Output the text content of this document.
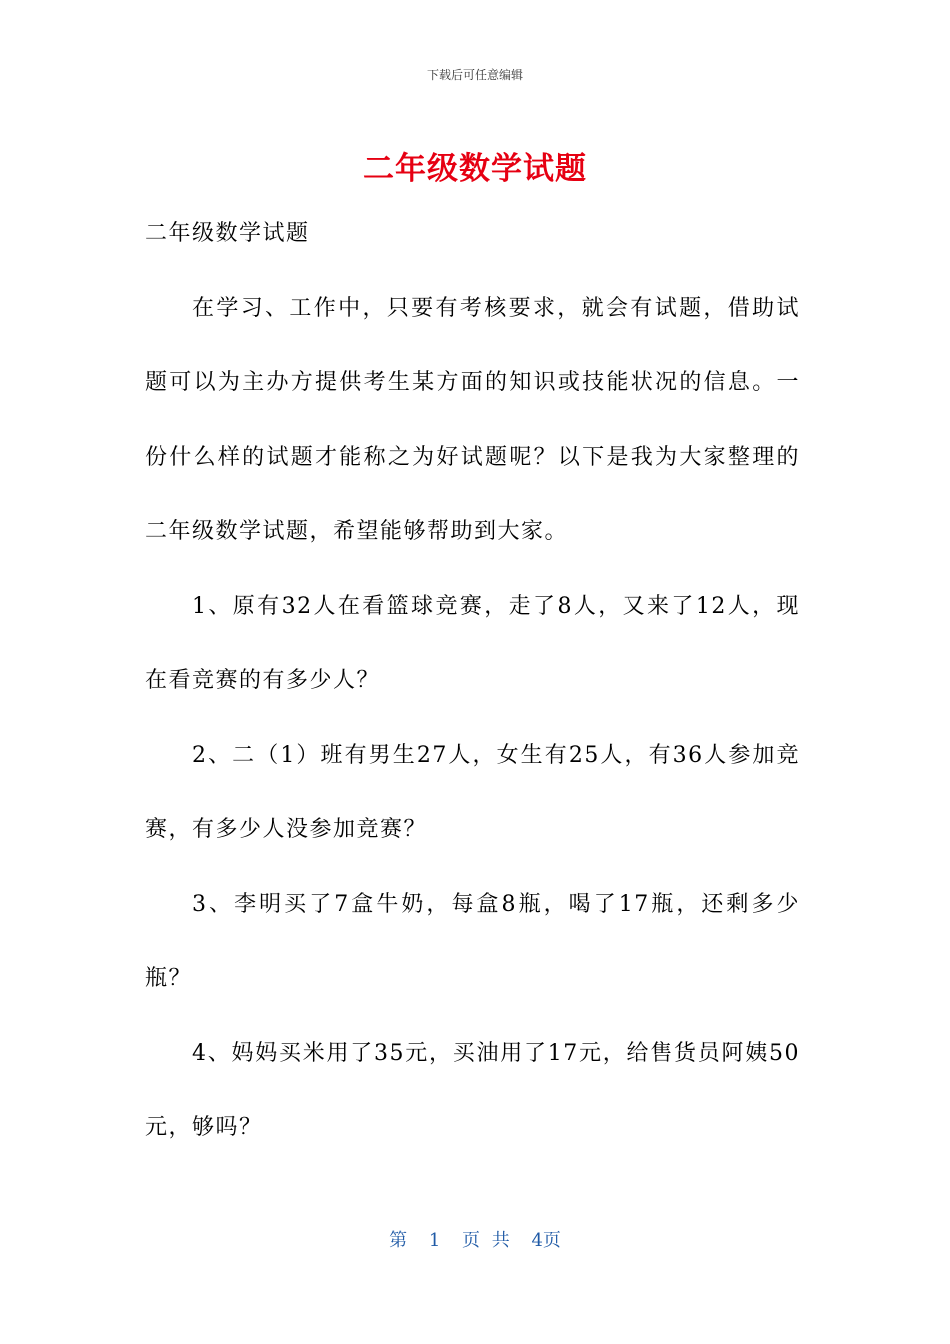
下载后可任意编辑
二年级数学试题

二年级数学试题

在学习、工作中，只要有考核要求，就会有试题，借助试题可以为主办方提供考生某方面的知识或技能状况的信息。一份什么样的试题才能称之为好试题呢？以下是我为大家整理的二年级数学试题，希望能够帮助到大家。

1、原有32人在看篮球竞赛，走了8人，又来了12人，现在看竞赛的有多少人？

2、二（1）班有男生27人，女生有25人，有36人参加竞赛，有多少人没参加竞赛？

3、李明买了7盒牛奶，每盒8瓶，喝了17瓶，还剩多少瓶？

4、妈妈买米用了35元，买油用了17元，给售货员阿姨50元，够吗？

第 1 页 共 4页
